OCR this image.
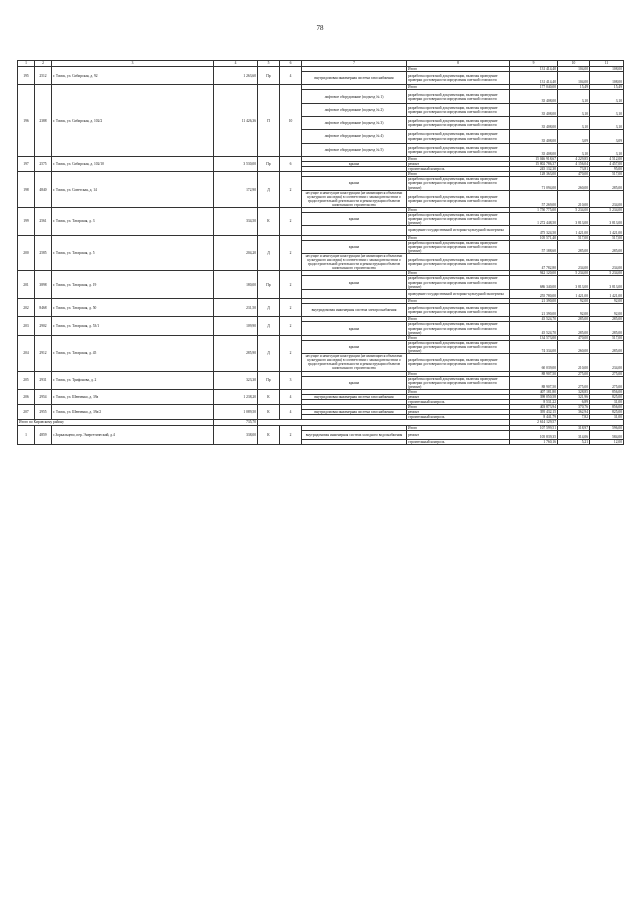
78
1	2	3	4	5	6	7	8	9	10	11
195	2512	г. Томск, ул. Сибирская, д. 92	1 263,60	Пр	4		Итого	131 414,40	104,00	108,00
						внутридомовая инженерная система газоснабжения	разработка проектной документации, включая проведение проверки достоверности определения сметной стоимости	131 414,40	104,00	108,00
196	2388	г. Томск, ул. Сибирская, д. 102/2	11 426,36	П	10		Итого	177 040,00	15,49	15,49
						лифтовое оборудование (подъезд № 1)	разработка проектной документации, включая проведение проверки достоверности определения сметной стоимости	35 408,00	3,10	3,10
						лифтовое оборудование (подъезд № 2)	разработка проектной документации, включая проведение проверки достоверности определения сметной стоимости	35 408,00	3,10	3,10
						лифтовое оборудование (подъезд № 3)	разработка проектной документации, включая проведение проверки достоверности определения сметной стоимости	35 408,00	3,10	3,10
						лифтовое оборудование (подъезд № 4)	разработка проектной документации, включая проведение проверки достоверности определения сметной стоимости	35 408,00	3,09	3,09
						лифтовое оборудование (подъезд № 5)	разработка проектной документации, включая проведение проверки достоверности определения сметной стоимости	35 408,00	3,10	3,10
197	2575	г. Томск, ул. Сибирская, д. 102/10	3 530,00	Пр	6		Итого	15 046 918,67	4 229,85	4 512,00
						крыша	ремонт	15 802 786,37	4 156,04	4 457,00
							строительный контроль	245 132,30	73,81	95,00
198	4840	г. Томск, ул. Советская, д. 14	172,90	Д	2		Итого	128 363,00	470,00	517,00
						крыша	разработка проектной документации, включая проведение проверки достоверности определения сметной стоимости (ремонт)	71 094,00	260,00	285,00
						несущие и ненесущие конструкции (не являющиеся объектами культурного наследия) в соответствии с законодательством о градостроительной деятельности и реконструкции объектов капитального строительства	разработка проектной документации, включая проведение проверки достоверности определения сметной стоимости	57 269,00	210,00	234,00
199	2561	г. Томск, ул. Татарская, д. 3	334,50	К	2		Итого	1 750 775,00	5 234,00	5 234,00
						крыша	разработка проектной документации, включая проведение проверки достоверности определения сметной стоимости (ремонт)	1 272 448,50	3 813,00	3 813,00
							проведение государственной историко-культурной экспертизы	475 324,50	1 421,00	1 421,00
200	2585	г. Томск, ул. Татарская, д. 5	204,20	Д	2		Итого	105 571,40	517,00	517,00
						крыша	разработка проектной документации, включая проведение проверки достоверности определения сметной стоимости (ремонт)	57 188,60	285,00	285,00
						несущие и ненесущие конструкции (не являющиеся объектами культурного наследия) в соответствии с законодательством о градостроительной деятельности и реконструкции объектов капитального строительства	разработка проектной документации, включая проведение проверки достоверности определения сметной стоимости	47 782,80	234,00	234,00
201	3898	г. Томск, ул. Татарская, д. 19	180,00	Пр	2		Итого	942 120,00	5 234,00	5 234,00
						крыша	разработка проектной документации, включая проведение проверки достоверности определения сметной стоимости (ремонт)	686 340,00	3 813,00	3 813,00
							проведение государственной историко-культурной экспертизы	255 780,00	1 421,00	1 421,00
202	8468	г. Томск, ул. Татарская, д. 50	231,50	Д	2		Итого	21 390,00	92,00	92,00
						внутридомовая инженерная система электроснабжения	разработка проектной документации, включая проведение проверки достоверности определения сметной стоимости	21 390,00	92,00	92,00
203	2902	г. Томск, ул. Татарская, д. 53/1	109,90	Д	2		Итого	45 524,70	285,00	285,00
						крыша	разработка проектной документации, включая проведение проверки достоверности определения сметной стоимости (ремонт)	45 524,70	285,00	285,00
204	2912	г. Томск, ул. Татарская, д. 45	285,90	Д	2		Итого	134 573,00	470,00	517,00
						крыша	разработка проектной документации, включая проведение проверки достоверности определения сметной стоимости (ремонт)	74 334,00	260,00	285,00
						несущие и ненесущие конструкции (не являющиеся объектами культурного наследия) в соответствии с законодательством о градостроительной деятельности и реконструкции объектов капитального строительства	разработка проектной документации, включая проведение проверки достоверности определения сметной стоимости	60 039,00	210,00	234,00
205	2931	г. Томск, ул. Трифонова, д. 2	323,30	Пр	3		Итого	88 907,50	275,00	275,00
						крыша	разработка проектной документации, включая проведение проверки достоверности определения сметной стоимости (ремонт)	88 907,50	275,00	275,00
206	2954	г. Томск, ул. Шевченко, д. 39а	1 238,20	К	4		Итого	407 181,80	328,85	856,00
						внутридомовая инженерная система газоснабжения	ремонт	398 050,58	321,96	825,00
							строительный контроль	8 531,22	6,89	31,00
207	2955	г. Томск, ул. Шевченко, д. 39а/2	1 089,50	К	4		Итого	403 873,94	370,76	856,00
						внутридомовая инженерная система газоснабжения	ремонт	395 432,15	362,94	825,00
							строительный контроль	8 441,79	7,82	31,00
Итого по Кировскому району			735,70					2 614 129,57		
1	4859	с.Зоркальцево, пер. Энергетический, д.4	338,00	К	2		Итого	107 599,51	318,97	596,00
						внутридомовая инженерная система холодного водоснабжения	ремонт	105 839,35	314,06	584,00
							строительный контроль	1 760,16	5,21	12,00
